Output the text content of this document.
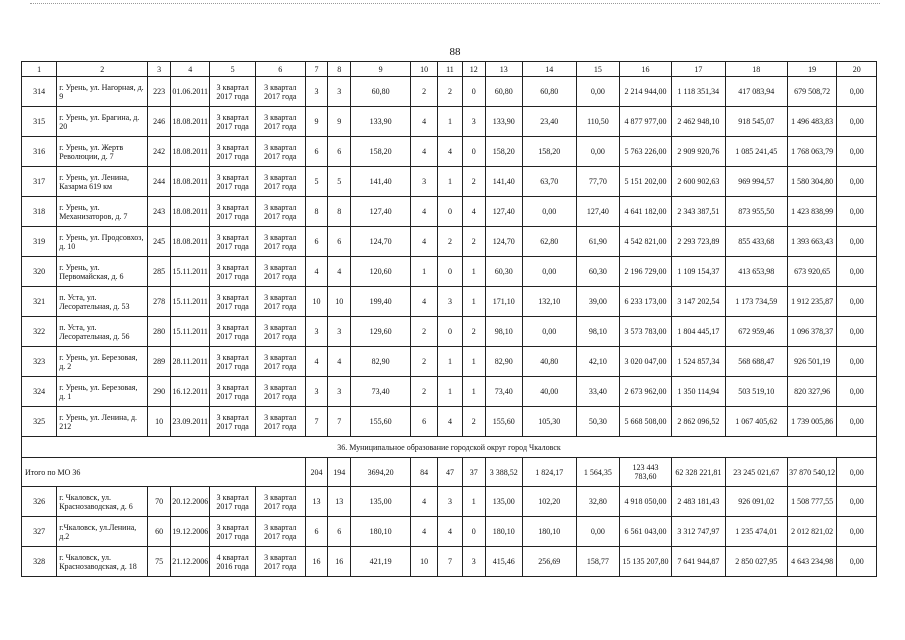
88
1	2	3	4	5	6	7	8	9	10	11	12	13	14	15	16	17	18	19	20
314	г. Урень, ул. Нагорная, д. 9	223	01.06.2011	3 квартал 2017 года	3 квартал 2017 года	3	3	60,80	2	2	0	60,80	60,80	0,00	2 214 944,00	1 118 351,34	417 083,94	679 508,72	0,00
315	г. Урень, ул. Брагина, д. 20	246	18.08.2011	3 квартал 2017 года	3 квартал 2017 года	9	9	133,90	4	1	3	133,90	23,40	110,50	4 877 977,00	2 462 948,10	918 545,07	1 496 483,83	0,00
316	г. Урень, ул. Жертв Революции, д. 7	242	18.08.2011	3 квартал 2017 года	3 квартал 2017 года	6	6	158,20	4	4	0	158,20	158,20	0,00	5 763 226,00	2 909 920,76	1 085 241,45	1 768 063,79	0,00
317	г. Урень, ул. Ленина, Казарма 619 км	244	18.08.2011	3 квартал 2017 года	3 квартал 2017 года	5	5	141,40	3	1	2	141,40	63,70	77,70	5 151 202,00	2 600 902,63	969 994,57	1 580 304,80	0,00
318	г. Урень, ул. Механизаторов, д. 7	243	18.08.2011	3 квартал 2017 года	3 квартал 2017 года	8	8	127,40	4	0	4	127,40	0,00	127,40	4 641 182,00	2 343 387,51	873 955,50	1 423 838,99	0,00
319	г. Урень, ул. Продсовхоз, д. 10	245	18.08.2011	3 квартал 2017 года	3 квартал 2017 года	6	6	124,70	4	2	2	124,70	62,80	61,90	4 542 821,00	2 293 723,89	855 433,68	1 393 663,43	0,00
320	г. Урень, ул. Первомайская, д. 6	285	15.11.2011	3 квартал 2017 года	3 квартал 2017 года	4	4	120,60	1	0	1	60,30	0,00	60,30	2 196 729,00	1 109 154,37	413 653,98	673 920,65	0,00
321	п. Уста, ул. Лесорательная, д. 53	278	15.11.2011	3 квартал 2017 года	3 квартал 2017 года	10	10	199,40	4	3	1	171,10	132,10	39,00	6 233 173,00	3 147 202,54	1 173 734,59	1 912 235,87	0,00
322	п. Уста, ул. Лесорательная, д. 56	280	15.11.2011	3 квартал 2017 года	3 квартал 2017 года	3	3	129,60	2	0	2	98,10	0,00	98,10	3 573 783,00	1 804 445,17	672 959,46	1 096 378,37	0,00
323	г. Урень, ул. Березовая, д. 2	289	28.11.2011	3 квартал 2017 года	3 квартал 2017 года	4	4	82,90	2	1	1	82,90	40,80	42,10	3 020 047,00	1 524 857,34	568 688,47	926 501,19	0,00
324	г. Урень, ул. Березовая, д. 1	290	16.12.2011	3 квартал 2017 года	3 квартал 2017 года	3	3	73,40	2	1	1	73,40	40,00	33,40	2 673 962,00	1 350 114,94	503 519,10	820 327,96	0,00
325	г. Урень, ул. Ленина, д. 212	10	23.09.2011	3 квартал 2017 года	3 квартал 2017 года	7	7	155,60	6	4	2	155,60	105,30	50,30	5 668 508,00	2 862 096,52	1 067 405,62	1 739 005,86	0,00
36. Муниципальное образование городской округ город Чкаловск																			
Итого по МО 36						204	194	3694,20	84	47	37	3 388,52	1 824,17	1 564,35	123 443 783,60	62 328 221,81	23 245 021,67	37 870 540,12	0,00
326	г. Чкаловск, ул. Краснозаводская, д. 6	70	20.12.2006	3 квартал 2017 года	3 квартал 2017 года	13	13	135,00	4	3	1	135,00	102,20	32,80	4 918 050,00	2 483 181,43	926 091,02	1 508 777,55	0,00
327	г.Чкаловск, ул.Ленина, д.2	60	19.12.2006	3 квартал 2017 года	3 квартал 2017 года	6	6	180,10	4	4	0	180,10	180,10	0,00	6 561 043,00	3 312 747,97	1 235 474,01	2 012 821,02	0,00
328	г. Чкаловск, ул. Краснозаводская, д. 18	75	21.12.2006	4 квартал 2016 года	3 квартал 2017 года	16	16	421,19	10	7	3	415,46	256,69	158,77	15 135 207,80	7 641 944,87	2 850 027,95	4 643 234,98	0,00
